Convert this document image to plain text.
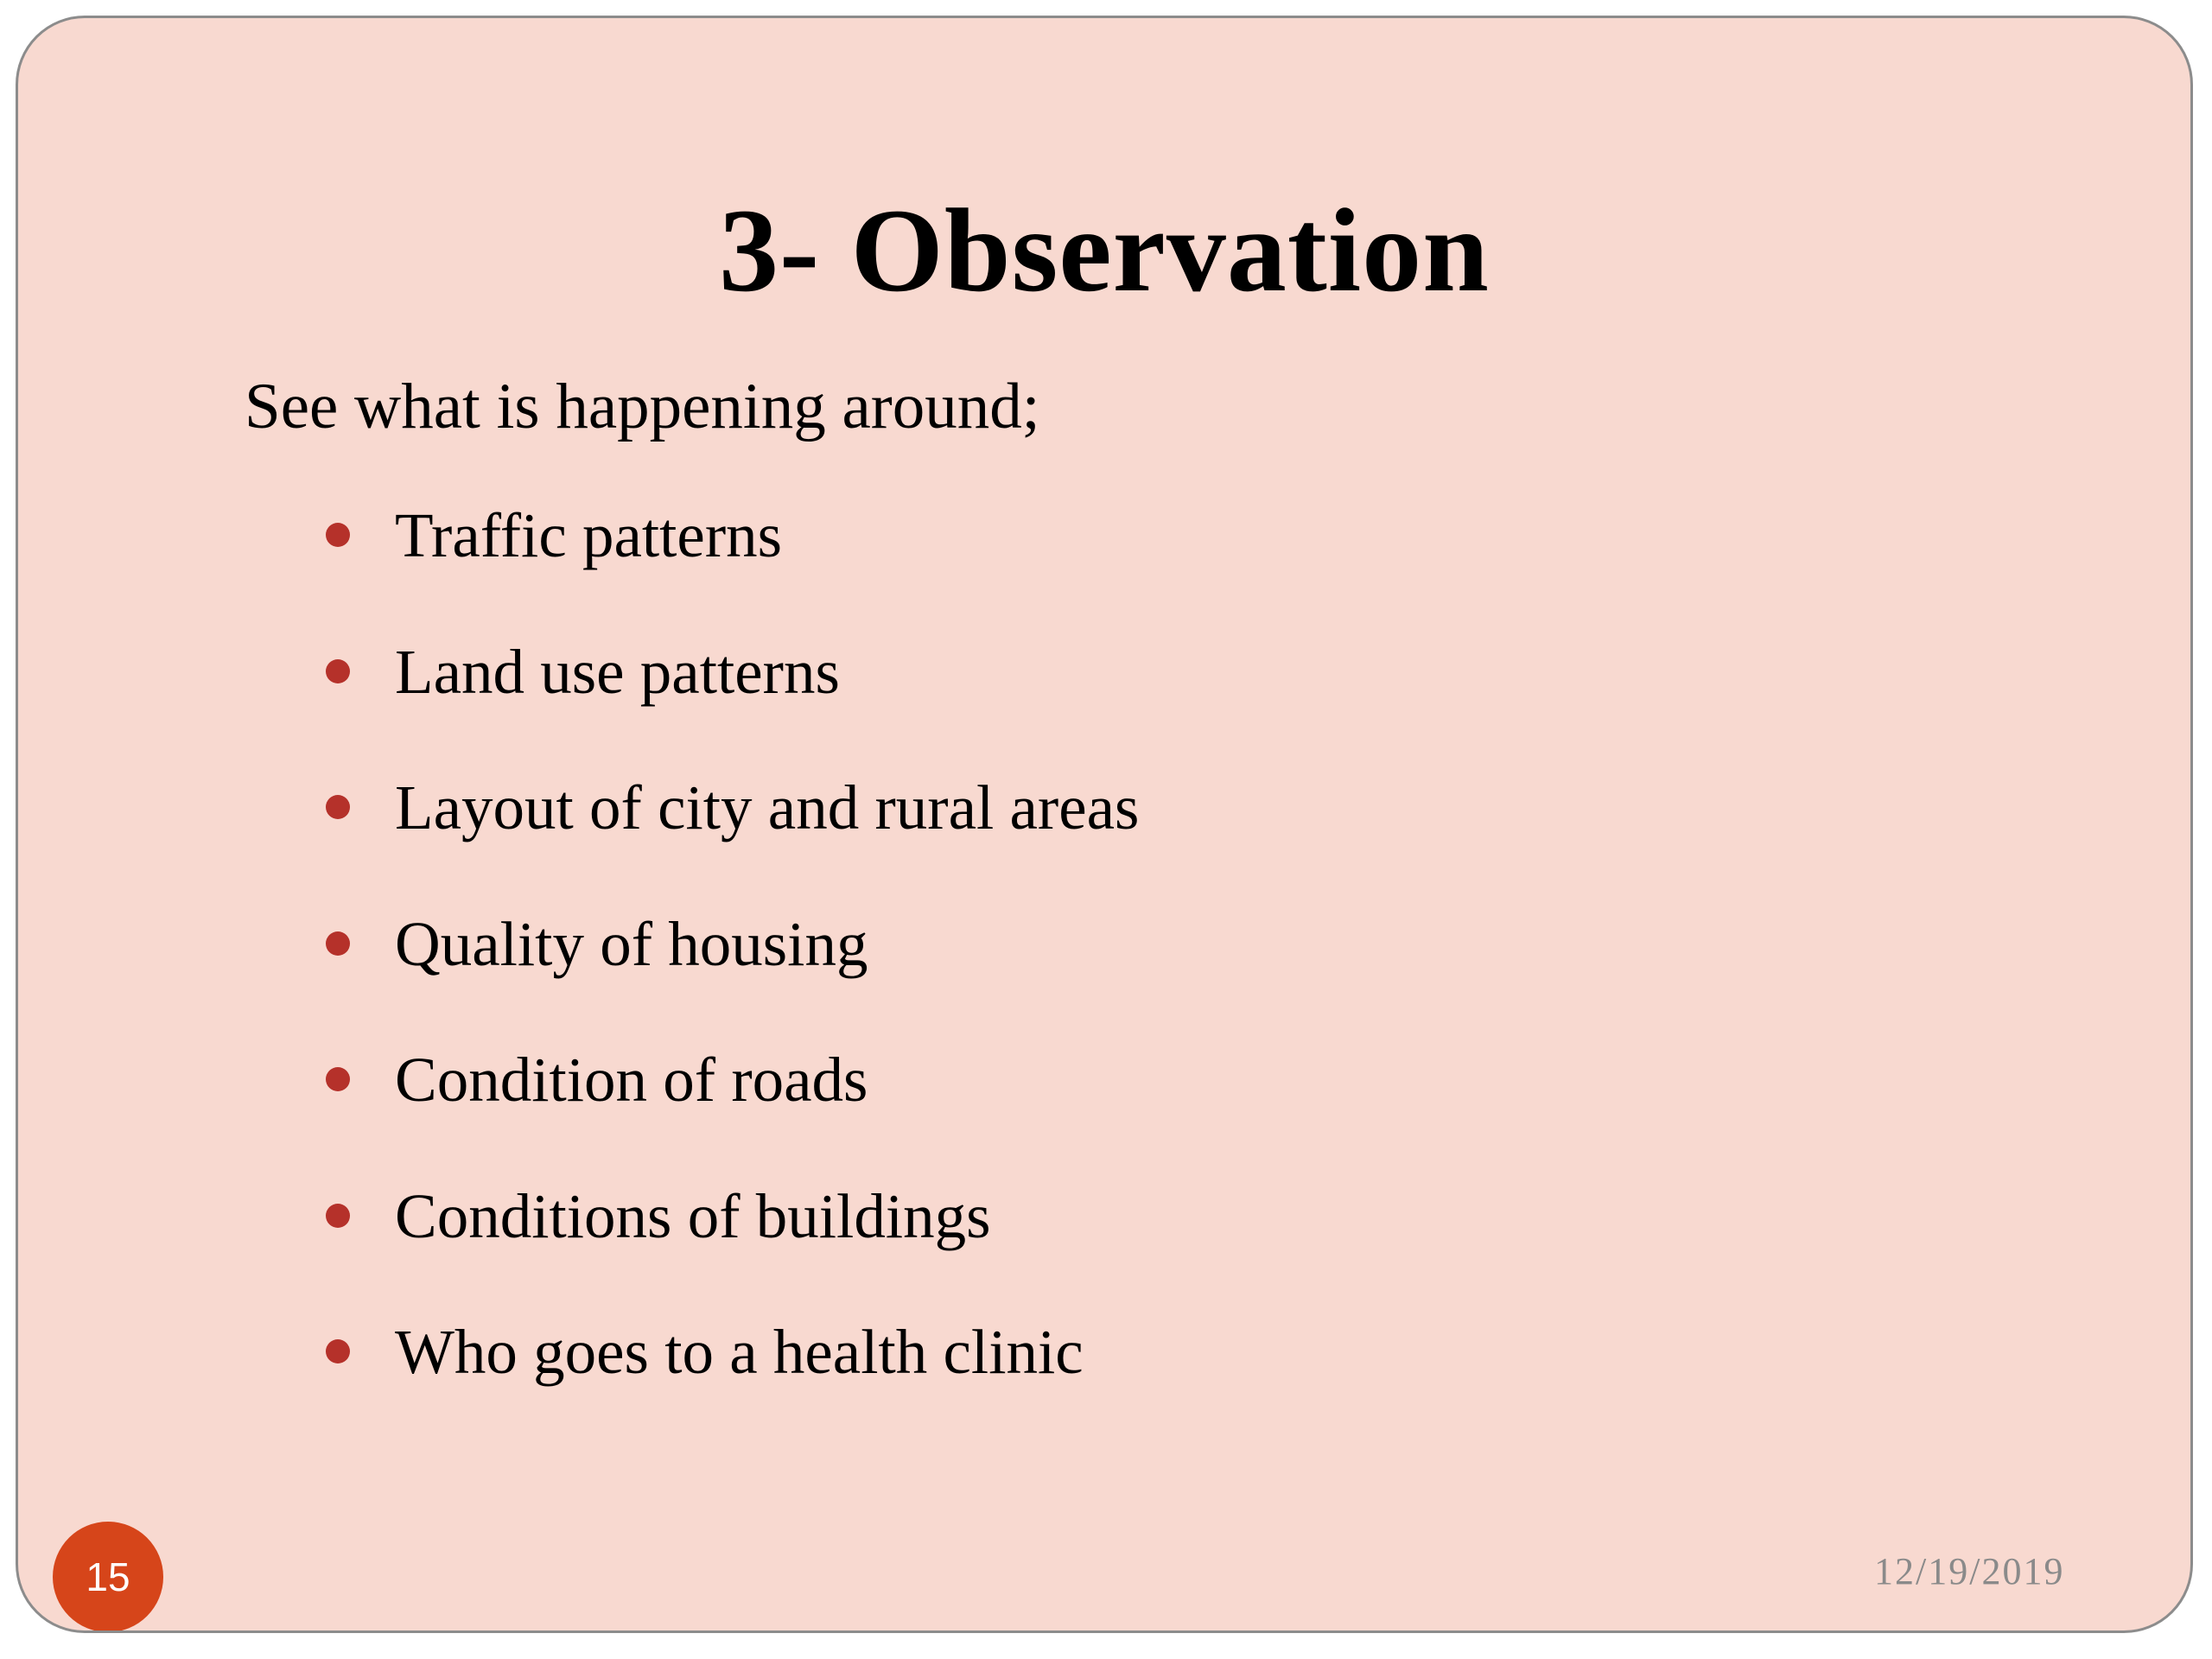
3- Observation
See what is happening around;
Traffic patterns
Land use patterns
Layout of city and rural areas
Quality of housing
Condition of roads
Conditions of buildings
Who goes to a health clinic
15	12/19/2019
